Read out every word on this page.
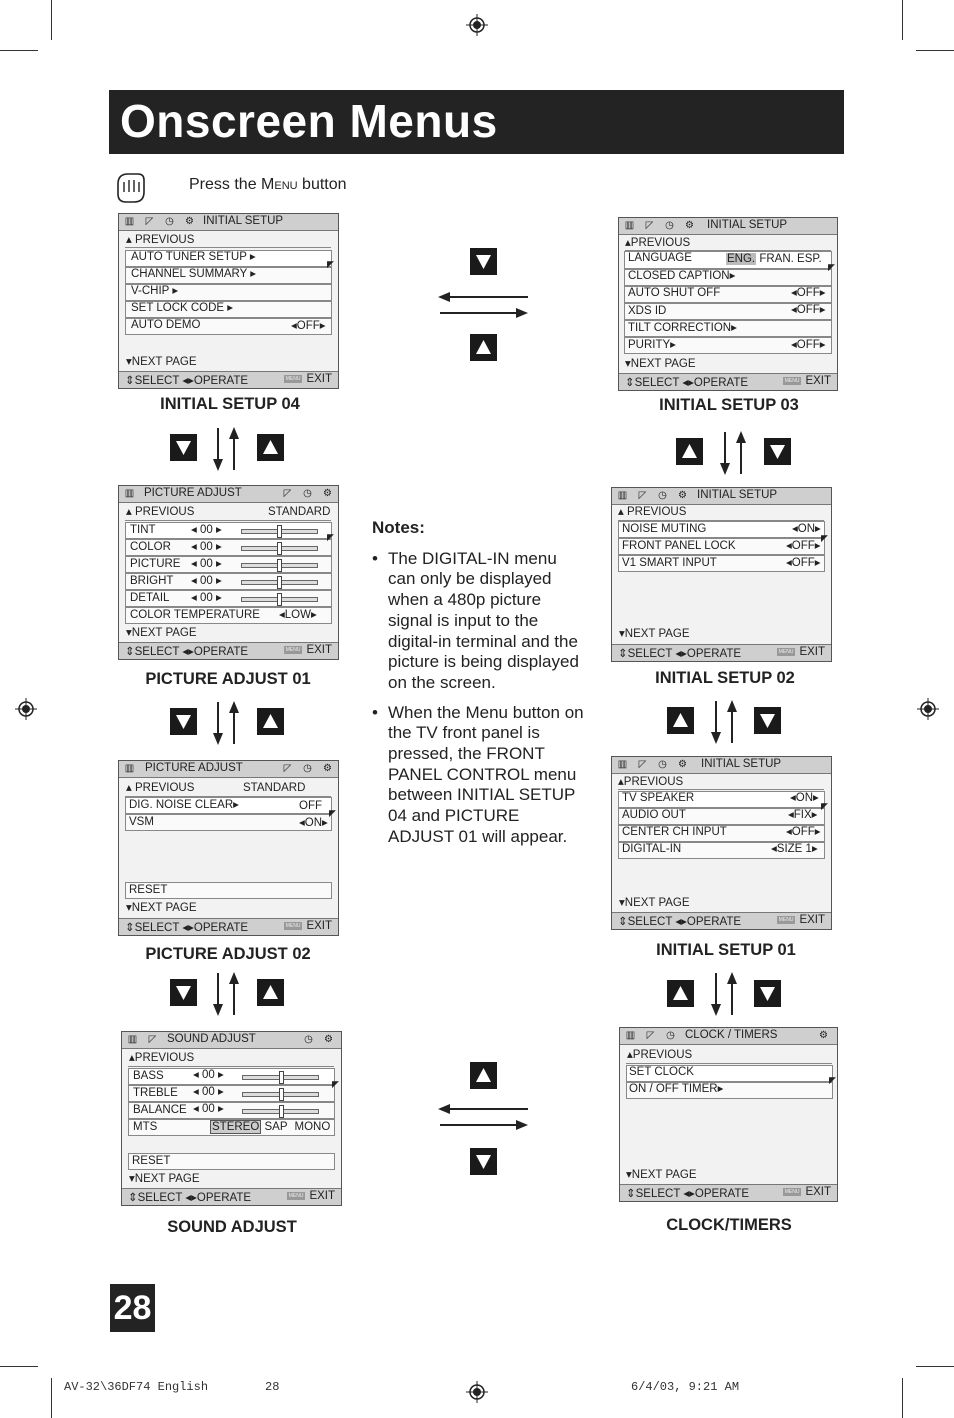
Onscreen Menus
Press the Menu button
▥ ◸ ◷ ⚙ INITIAL SETUP
▴ PREVIOUS
AUTO TUNER SETUP ▸
CHANNEL SUMMARY ▸
V-CHIP ▸
SET LOCK CODE ▸
AUTO DEMO	◂OFF▸
◤
▾NEXT PAGE
⇕SELECT ◂▸OPERATE	MENU EXIT
INITIAL SETUP 04
▥ ◸ ◷ ⚙	INITIAL SETUP
▴PREVIOUS
LANGUAGE	ENG. FRAN. ESP.
CLOSED CAPTION▸
AUTO SHUT OFF	◂OFF▸
XDS ID	◂OFF▸
TILT CORRECTION▸
PURITY▸	◂OFF▸
◤
▾NEXT PAGE
⇕SELECT ◂▸OPERATE	MENU EXIT
INITIAL SETUP 03
▥ PICTURE ADJUST	◸ ◷ ⚙
▴ PREVIOUS	STANDARD
TINT	◂ 00 ▸
COLOR ◂ 00 ▸
PICTURE ◂ 00 ▸
BRIGHT ◂ 00 ▸
DETAIL ◂ 00 ▸
COLOR TEMPERATURE ◂LOW▸
◤
▾NEXT PAGE
⇕SELECT ◂▸OPERATE	MENU EXIT
PICTURE ADJUST 01
▥ ◸ ◷ ⚙ INITIAL SETUP
▴ PREVIOUS
NOISE MUTING	◂ON▸
FRONT PANEL LOCK	◂OFF▸
V1 SMART INPUT	◂OFF▸
◤
▾NEXT PAGE
⇕SELECT ◂▸OPERATE	MENU EXIT
INITIAL SETUP 02
Notes:
• The DIGITAL-IN menu can only be displayed when a 480p picture signal is input to the digital-in terminal and the picture is being displayed on the screen.
• When the Menu button on the TV front panel is pressed, the FRONT PANEL CONTROL menu between INITIAL SETUP 04 and PICTURE ADJUST 01 will appear.
▥ PICTURE ADJUST	◸ ◷ ⚙
▴ PREVIOUS	STANDARD
DIG. NOISE CLEAR▸	OFF
VSM	◂ON▸
◤
RESET
▾NEXT PAGE
⇕SELECT ◂▸OPERATE	MENU EXIT
PICTURE ADJUST 02
▥ ◸ ◷ ⚙	INITIAL SETUP
▴PREVIOUS
TV SPEAKER	◂ON▸
AUDIO OUT	◂FIX▸
CENTER CH INPUT	◂OFF▸
DIGITAL-IN	◂SIZE 1▸
◤
▾NEXT PAGE
⇕SELECT ◂▸OPERATE	MENU EXIT
INITIAL SETUP 01
▥ ◸ SOUND ADJUST	◷ ⚙
▴PREVIOUS
BASS	◂ 00 ▸
TREBLE ◂ 00 ▸
BALANCE ◂ 00 ▸
MTS	STEREO SAP MONO
◤
RESET
▾NEXT PAGE
⇕SELECT ◂▸OPERATE	MENU EXIT
SOUND ADJUST
▥ ◸ ◷ CLOCK / TIMERS	⚙
▴PREVIOUS
SET CLOCK
ON / OFF TIMER▸
◤
▾NEXT PAGE
⇕SELECT ◂▸OPERATE	MENU EXIT
CLOCK/TIMERS
28
AV-32\36DF74 English	28	6/4/03, 9:21 AM
